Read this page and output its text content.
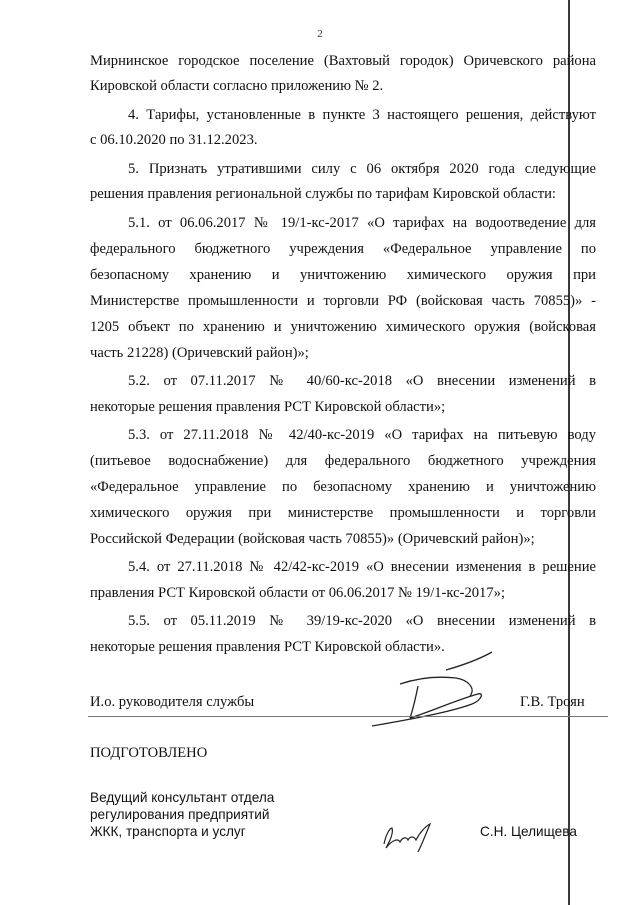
2
Мирнинское городское поселение (Вахтовый городок) Оричевского района
Кировской области согласно приложению № 2.
4. Тарифы, установленные в пункте 3 настоящего решения, действуют
с 06.10.2020 по 31.12.2023.
5. Признать утратившими силу с 06 октября 2020 года следующие
решения правления региональной службы по тарифам Кировской области:
5.1. от 06.06.2017 № 19/1-кс-2017 «О тарифах на водоотведение для
федерального бюджетного учреждения «Федеральное управление по
безопасному хранению и уничтожению химического оружия при
Министерстве промышленности и торговли РФ (войсковая часть 70855)» -
1205 объект по хранению и уничтожению химического оружия (войсковая
часть 21228) (Оричевский район)»;
5.2. от 07.11.2017 № 40/60-кс-2018 «О внесении изменений в
некоторые решения правления РСТ Кировской области»;
5.3. от 27.11.2018 № 42/40-кс-2019 «О тарифах на питьевую воду
(питьевое водоснабжение) для федерального бюджетного учреждения
«Федеральное управление по безопасному хранению и уничтожению
химического оружия при министерстве промышленности и торговли
Российской Федерации (войсковая часть 70855)» (Оричевский район)»;
5.4. от 27.11.2018 № 42/42-кс-2019 «О внесении изменения в решение
правления РСТ Кировской области от 06.06.2017 № 19/1-кс-2017»;
5.5. от 05.11.2019 № 39/19-кс-2020 «О внесении изменений в
некоторые решения правления РСТ Кировской области».
И.о. руководителя службы	Г.В. Троян
ПОДГОТОВЛЕНО
Ведущий консультант отдела
регулирования предприятий
ЖКК, транспорта и услуг	С.Н. Целищева
